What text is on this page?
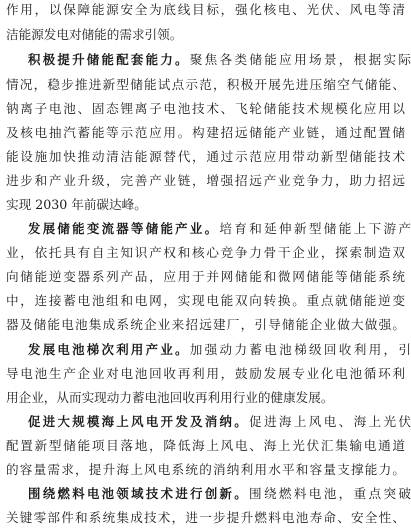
作用，以保障能源安全为底线目标，强化核电、光伏、风电等清
洁能源发电对储能的需求引领。
积极提升储能配套能力。聚焦各类储能应用场景，根据实际
情况，稳步推进新型储能试点示范，积极开展先进压缩空气储能、
钠离子电池、固态锂离子电池技术、飞轮储能技术规模化应用以
及核电抽汽蓄能等示范应用。构建招远储能产业链，通过配置储
能设施加快推动清洁能源替代，通过示范应用带动新型储能技术
进步和产业升级，完善产业链，增强招远产业竞争力，助力招远
实现 2030 年前碳达峰。
发展储能变流器等储能产业。培育和延伸新型储能上下游产
业，依托具有自主知识产权和核心竞争力骨干企业，探索制造双
向储能逆变器系列产品，应用于并网储能和微网储能等储能系统
中，连接蓄电池组和电网，实现电能双向转换。重点就储能逆变
器及储能电池集成系统企业来招远建厂，引导储能企业做大做强。
发展电池梯次利用产业。加强动力蓄电池梯级回收利用，引
导电池生产企业对电池回收再利用，鼓励发展专业化电池循环利
用企业，从而实现动力蓄电池回收再利用行业的健康发展。
促进大规模海上风电开发及消纳。促进海上风电、海上光伏
配置新型储能项目落地，降低海上风电、海上光伏汇集输电通道
的容量需求，提升海上风电系统的消纳利用水平和容量支撑能力。
围绕燃料电池领域技术进行创新。围绕燃料电池，重点突破
关键零部件和系统集成技术，进一步提升燃料电池寿命、安全性、
